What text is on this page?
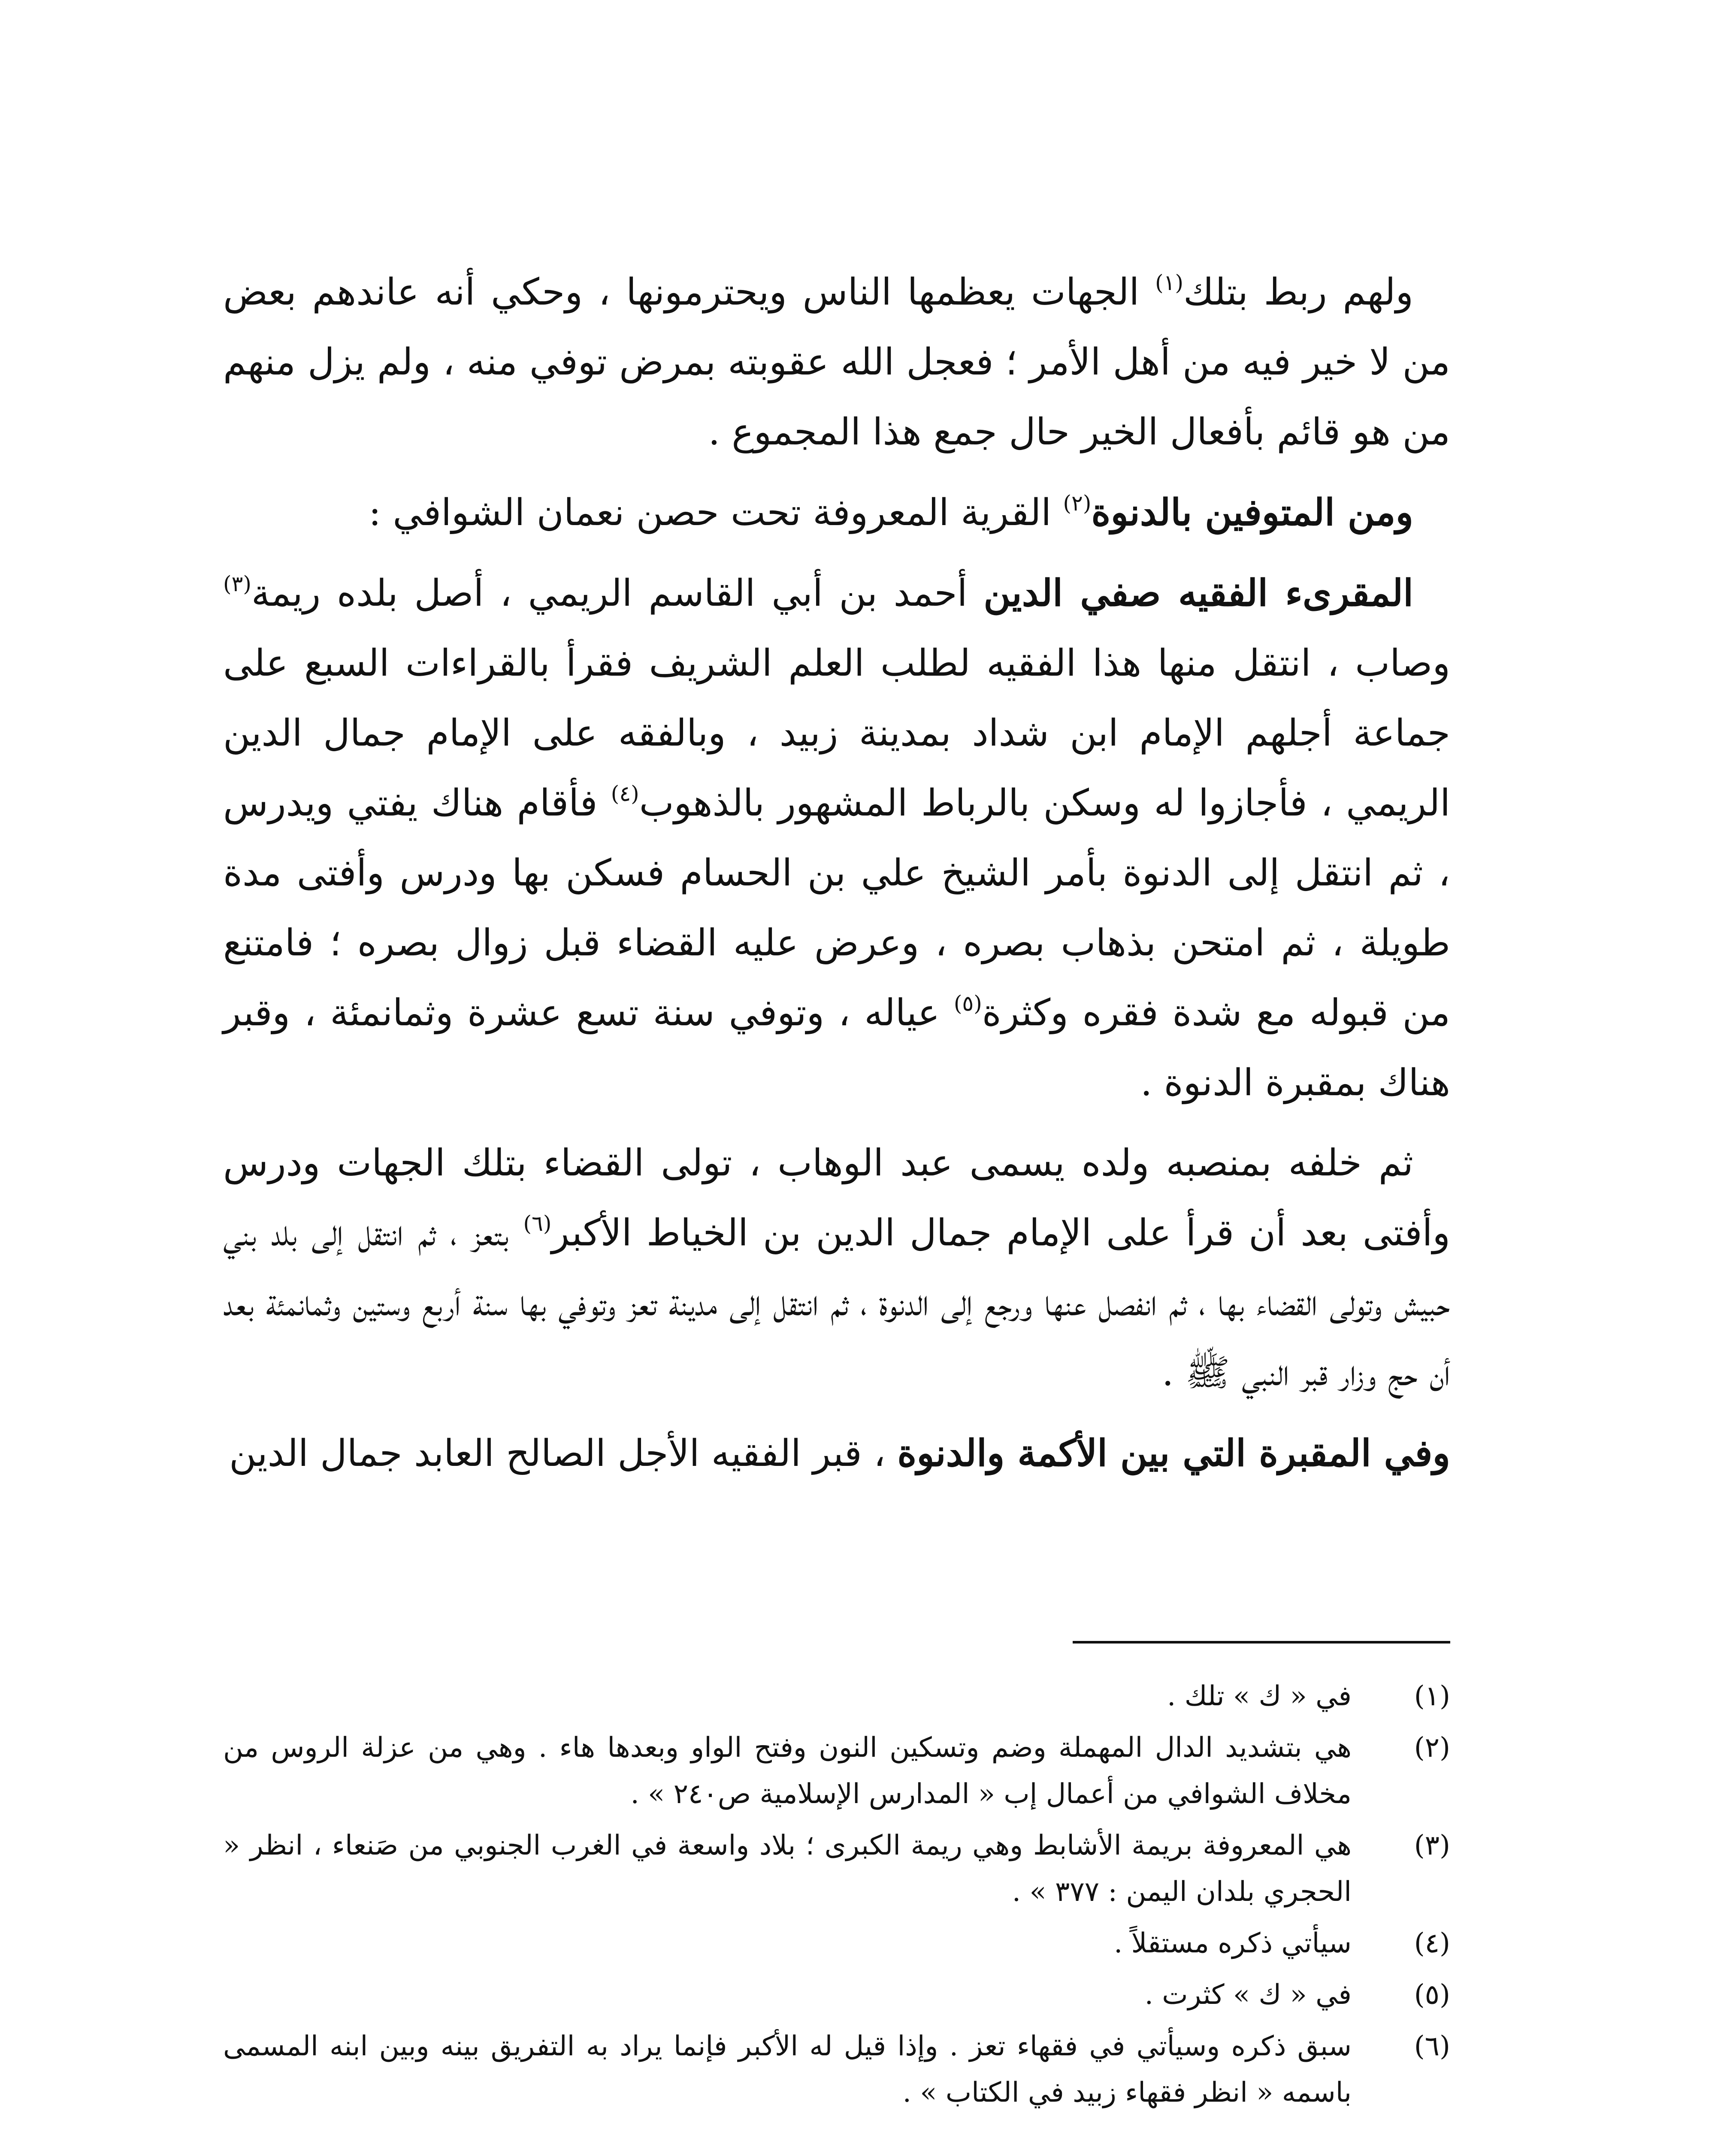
ولهم ربط بتلك$^{(١)}$ الجهات يعظمها الناس ويحترمونها ، وحكي أنه عاندهم بعض من لا خير فيه من أهل الأمر ؛ فعجل الله عقوبته بمرض توفي منه ، ولم يزل منهم من هو قائم بأفعال الخير حال جمع هذا المجموع .

ومن المتوفين بالدنوة$^{(٢)}$ القرية المعروفة تحت حصن نعمان الشوافي :

المقرىء الفقيه صفي الدين أحمد بن أبي القاسم الريمي ، أصل بلده ريمة$^{(٣)}$ وصاب ، انتقل منها هذا الفقيه لطلب العلم الشريف فقرأ بالقراءات السبع على جماعة أجلهم الإمام ابن شداد بمدينة زبيد ، وبالفقه على الإمام جمال الدين الريمي ، فأجازوا له وسكن بالرباط المشهور بالذهوب$^{(٤)}$ فأقام هناك يفتي ويدرس ، ثم انتقل إلى الدنوة بأمر الشيخ علي بن الحسام فسكن بها ودرس وأفتى مدة طويلة ، ثم امتحن بذهاب بصره ، وعرض عليه القضاء قبل زوال بصره ؛ فامتنع من قبوله مع شدة فقره وكثرة$^{(٥)}$ عياله ، وتوفي سنة تسع عشرة وثمانمئة ، وقبر هناك بمقبرة الدنوة .

ثم خلفه بمنصبه ولده يسمى عبد الوهاب ، تولى القضاء بتلك الجهات ودرس وأفتى بعد أن قرأ على الإمام جمال الدين بن الخياط الأكبر$^{(٦)}$ بتعز ، ثم انتقل إلى بلد بني حبيش وتولى القضاء بها ، ثم انفصل عنها ورجع إلى الدنوة ، ثم انتقل إلى مدينة تعز وتوفي بها سنة أربع وستين وثمانمئة بعد أن حج وزار قبر النبي ﷺ .

وفي المقبرة التي بين الأكمة والدنوة ، قبر الفقيه الأجل الصالح العابد جمال الدين

(١)
في « ك » تلك .
(٢)
هي بتشديد الدال المهملة وضم وتسكين النون وفتح الواو وبعدها هاء . وهي من عزلة الروس من مخلاف الشوافي من أعمال إب « المدارس الإسلامية ص٢٤٠ » .
(٣)
هي المعروفة بريمة الأشابط وهي ريمة الكبرى ؛ بلاد واسعة في الغرب الجنوبي من صَنعاء ، انظر « الحجري بلدان اليمن : ٣٧٧ » .
(٤)
سيأتي ذكره مستقلاً .
(٥)
في « ك » كثرت .
(٦)
سبق ذكره وسيأتي في فقهاء تعز . وإذا قيل له الأكبر فإنما يراد به التفريق بينه وبين ابنه المسمى باسمه « انظر فقهاء زبيد في الكتاب » .
